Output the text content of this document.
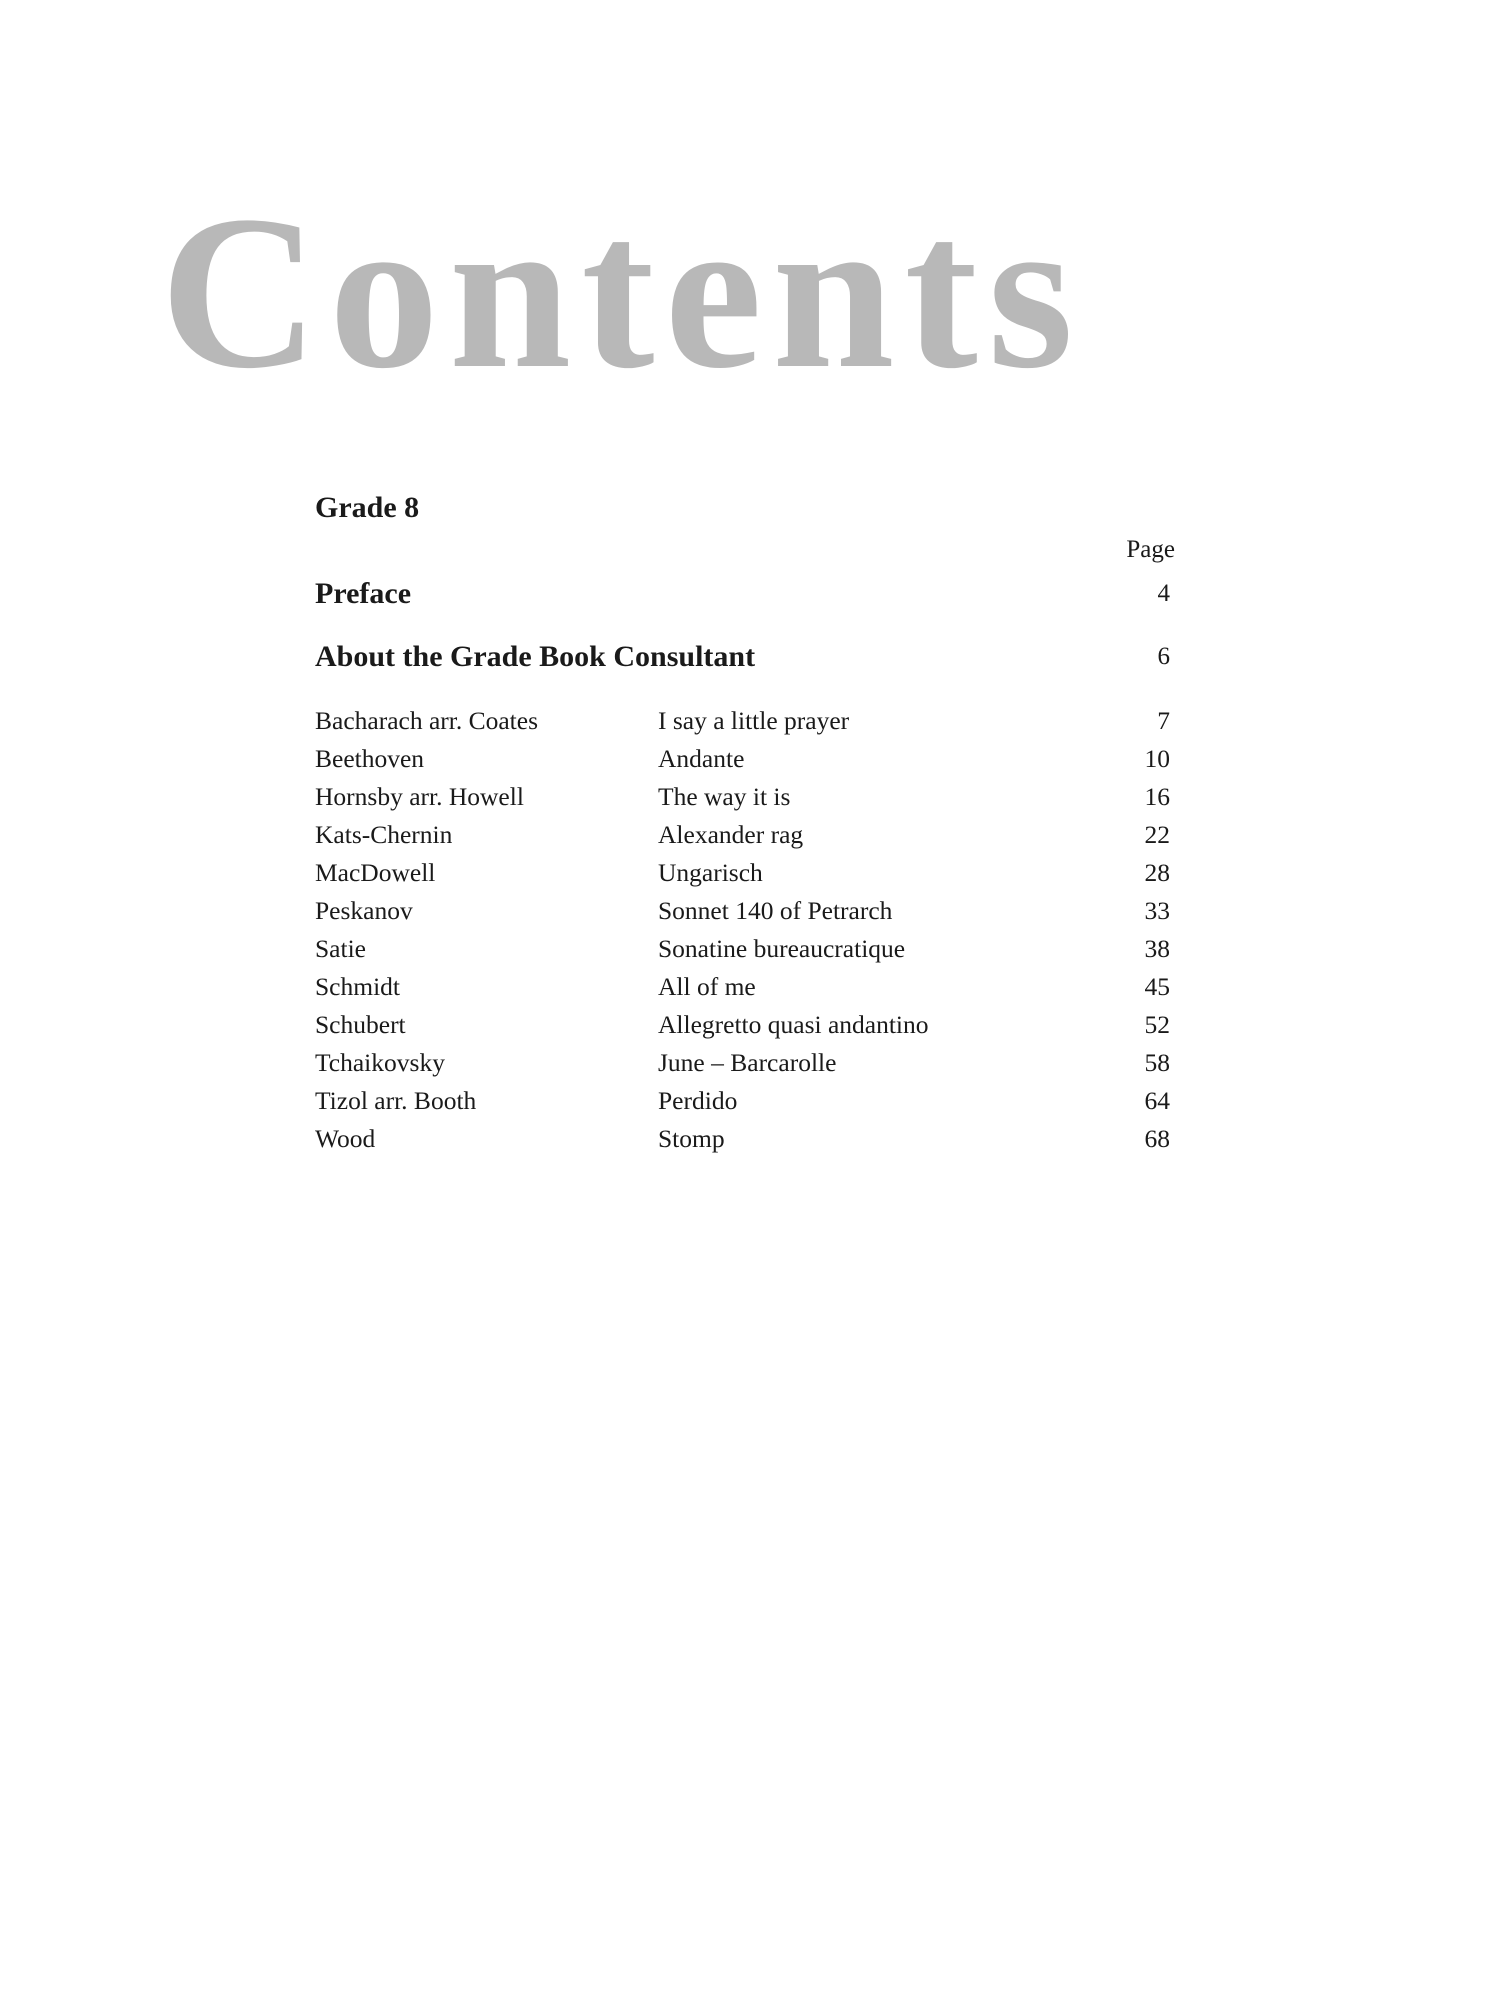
Contents
Grade 8
Page
Preface	4
About the Grade Book Consultant	6
Bacharach arr. Coates	I say a little prayer	7
Beethoven	Andante	10
Hornsby arr. Howell	The way it is	16
Kats-Chernin	Alexander rag	22
MacDowell	Ungarisch	28
Peskanov	Sonnet 140 of Petrarch	33
Satie	Sonatine bureaucratique	38
Schmidt	All of me	45
Schubert	Allegretto quasi andantino	52
Tchaikovsky	June – Barcarolle	58
Tizol arr. Booth	Perdido	64
Wood	Stomp	68
